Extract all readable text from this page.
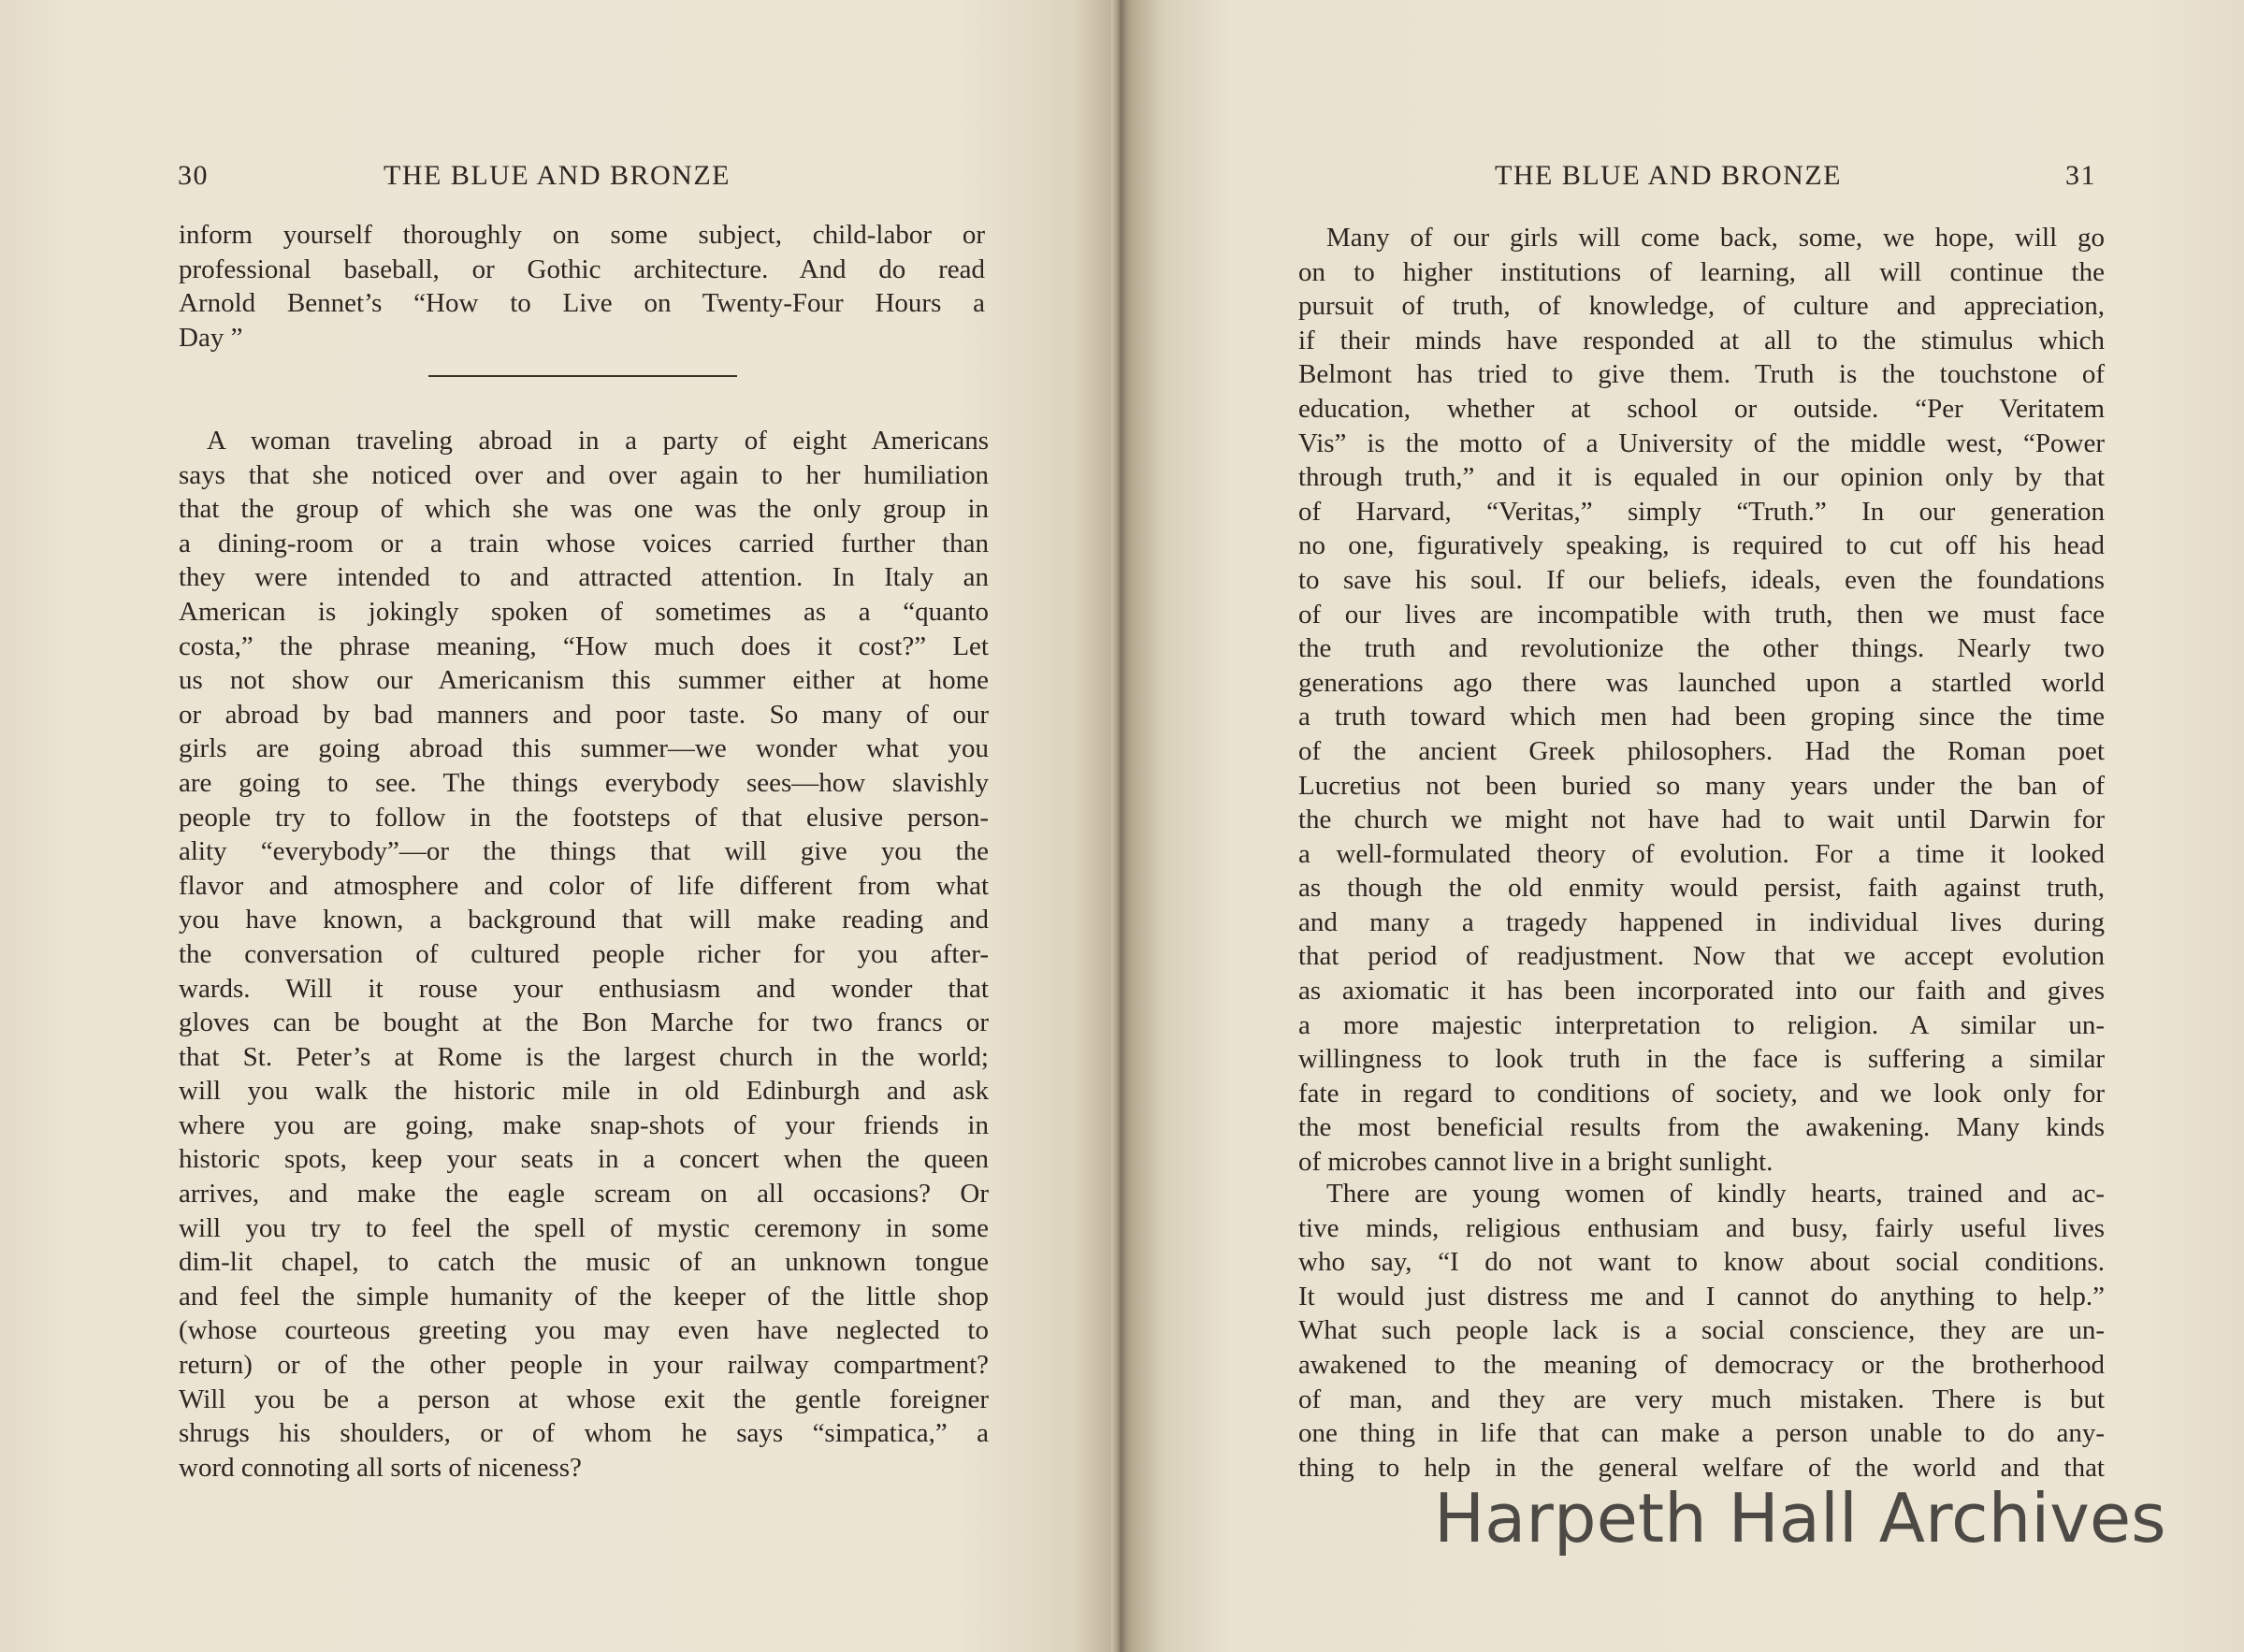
30	THE BLUE AND BRONZE
inform yourself thoroughly on some subject, child-labor or
professional baseball, or Gothic architecture. And do read
Arnold Bennet’s “How to Live on Twenty-Four Hours a
Day ”
A woman traveling abroad in a party of eight Americans
says that she noticed over and over again to her humiliation
that the group of which she was one was the only group in
a dining-room or a train whose voices carried further than
they were intended to and attracted attention. In Italy an
American is jokingly spoken of sometimes as a “quanto
costa,” the phrase meaning, “How much does it cost?” Let
us not show our Americanism this summer either at home
or abroad by bad manners and poor taste. So many of our
girls are going abroad this summer—we wonder what you
are going to see. The things everybody sees—how slavishly
people try to follow in the footsteps of that elusive person-
ality “everybody”—or the things that will give you the
flavor and atmosphere and color of life different from what
you have known, a background that will make reading and
the conversation of cultured people richer for you after-
wards. Will it rouse your enthusiasm and wonder that
gloves can be bought at the Bon Marche for two francs or
that St. Peter’s at Rome is the largest church in the world;
will you walk the historic mile in old Edinburgh and ask
where you are going, make snap-shots of your friends in
historic spots, keep your seats in a concert when the queen
arrives, and make the eagle scream on all occasions? Or
will you try to feel the spell of mystic ceremony in some
dim-lit chapel, to catch the music of an unknown tongue
and feel the simple humanity of the keeper of the little shop
(whose courteous greeting you may even have neglected to
return) or of the other people in your railway compartment?
Will you be a person at whose exit the gentle foreigner
shrugs his shoulders, or of whom he says “simpatica,” a
word connoting all sorts of niceness?
THE BLUE AND BRONZE	31
Many of our girls will come back, some, we hope, will go
on to higher institutions of learning, all will continue the
pursuit of truth, of knowledge, of culture and appreciation,
if their minds have responded at all to the stimulus which
Belmont has tried to give them. Truth is the touchstone of
education, whether at school or outside. “Per Veritatem
Vis” is the motto of a University of the middle west, “Power
through truth,” and it is equaled in our opinion only by that
of Harvard, “Veritas,” simply “Truth.” In our generation
no one, figuratively speaking, is required to cut off his head
to save his soul. If our beliefs, ideals, even the foundations
of our lives are incompatible with truth, then we must face
the truth and revolutionize the other things. Nearly two
generations ago there was launched upon a startled world
a truth toward which men had been groping since the time
of the ancient Greek philosophers. Had the Roman poet
Lucretius not been buried so many years under the ban of
the church we might not have had to wait until Darwin for
a well-formulated theory of evolution. For a time it looked
as though the old enmity would persist, faith against truth,
and many a tragedy happened in individual lives during
that period of readjustment. Now that we accept evolution
as axiomatic it has been incorporated into our faith and gives
a more majestic interpretation to religion. A similar un-
willingness to look truth in the face is suffering a similar
fate in regard to conditions of society, and we look only for
the most beneficial results from the awakening. Many kinds
of microbes cannot live in a bright sunlight.
There are young women of kindly hearts, trained and ac-
tive minds, religious enthusiam and busy, fairly useful lives
who say, “I do not want to know about social conditions.
It would just distress me and I cannot do anything to help.”
What such people lack is a social conscience, they are un-
awakened to the meaning of democracy or the brotherhood
of man, and they are very much mistaken. There is but
one thing in life that can make a person unable to do any-
thing to help in the general welfare of the world and that
Harpeth Hall Archives
